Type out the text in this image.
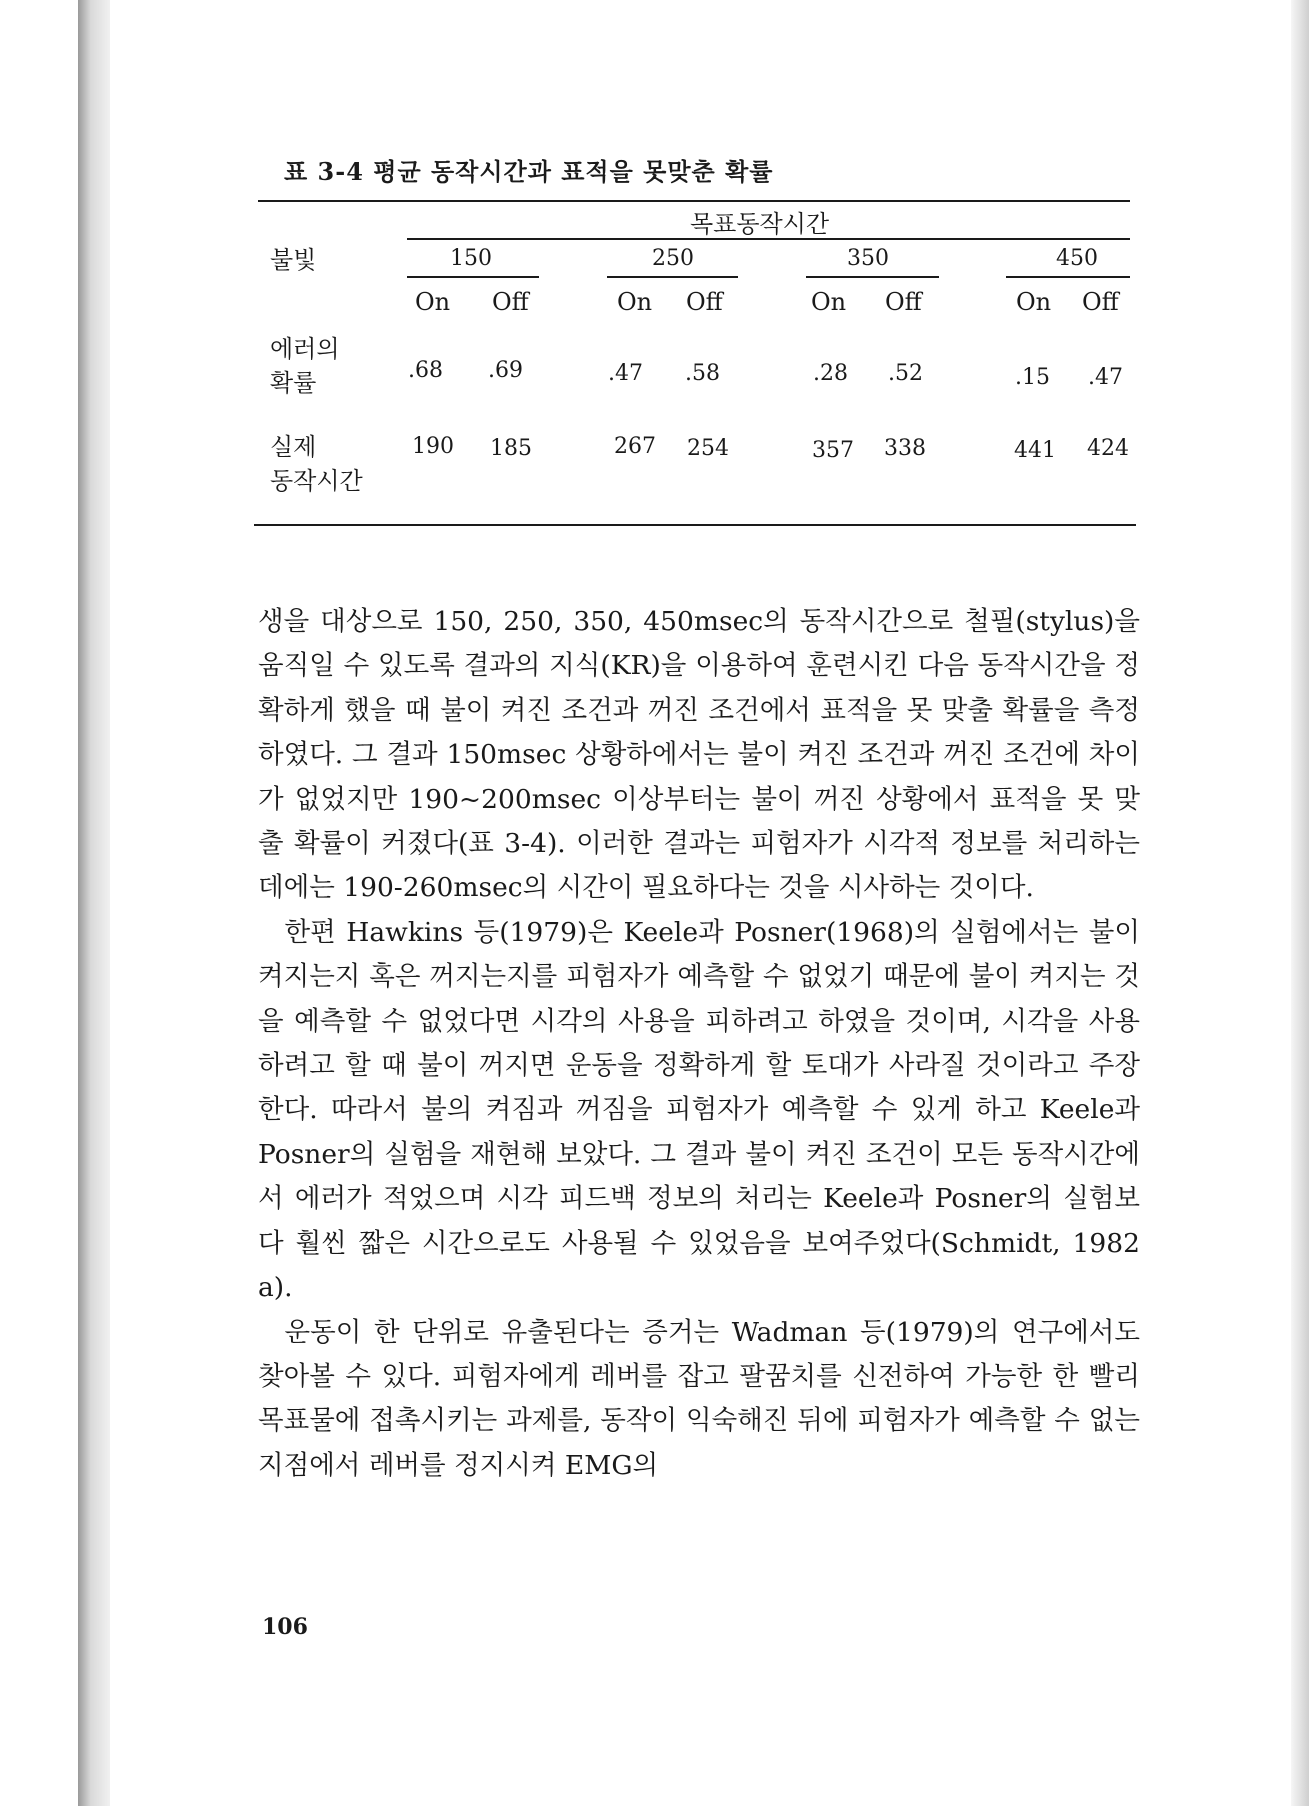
표 3-4 평균 동작시간과 표적을 못맞춘 확률
목표동작시간
불빛	150	250	350	450
On Off	On Off	On Off	On Off
에러의
확률	.68 .69	.47 .58	.28 .52	.15 .47
실제
동작시간
190 185	267 254	357 338	441 424

생을 대상으로 150, 250, 350, 450msec의 동작시간으로 철필(stylus)을 움직일 수 있도록 결과의 지식(KR)을 이용하여 훈련시킨 다음 동작시간을 정확하게 했을 때 불이 켜진 조건과 꺼진 조건에서 표적을 못 맞출 확률을 측정하였다. 그 결과 150msec 상황하에서는 불이 켜진 조건과 꺼진 조건에 차이가 없었지만 190~200msec 이상부터는 불이 꺼진 상황에서 표적을 못 맞출 확률이 커졌다(표 3-4). 이러한 결과는 피험자가 시각적 정보를 처리하는 데에는 190-260msec의 시간이 필요하다는 것을 시사하는 것이다.

한편 Hawkins 등(1979)은 Keele과 Posner(1968)의 실험에서는 불이 켜지는지 혹은 꺼지는지를 피험자가 예측할 수 없었기 때문에 불이 켜지는 것을 예측할 수 없었다면 시각의 사용을 피하려고 하였을 것이며, 시각을 사용하려고 할 때 불이 꺼지면 운동을 정확하게 할 토대가 사라질 것이라고 주장한다. 따라서 불의 켜짐과 꺼짐을 피험자가 예측할 수 있게 하고 Keele과 Posner의 실험을 재현해 보았다. 그 결과 불이 켜진 조건이 모든 동작시간에서 에러가 적었으며 시각 피드백 정보의 처리는 Keele과 Posner의 실험보다 훨씬 짧은 시간으로도 사용될 수 있었음을 보여주었다(Schmidt, 1982 a).

운동이 한 단위로 유출된다는 증거는 Wadman 등(1979)의 연구에서도 찾아볼 수 있다. 피험자에게 레버를 잡고 팔꿈치를 신전하여 가능한 한 빨리 목표물에 접촉시키는 과제를, 동작이 익숙해진 뒤에 피험자가 예측할 수 없는 지점에서 레버를 정지시켜 EMG의

106
